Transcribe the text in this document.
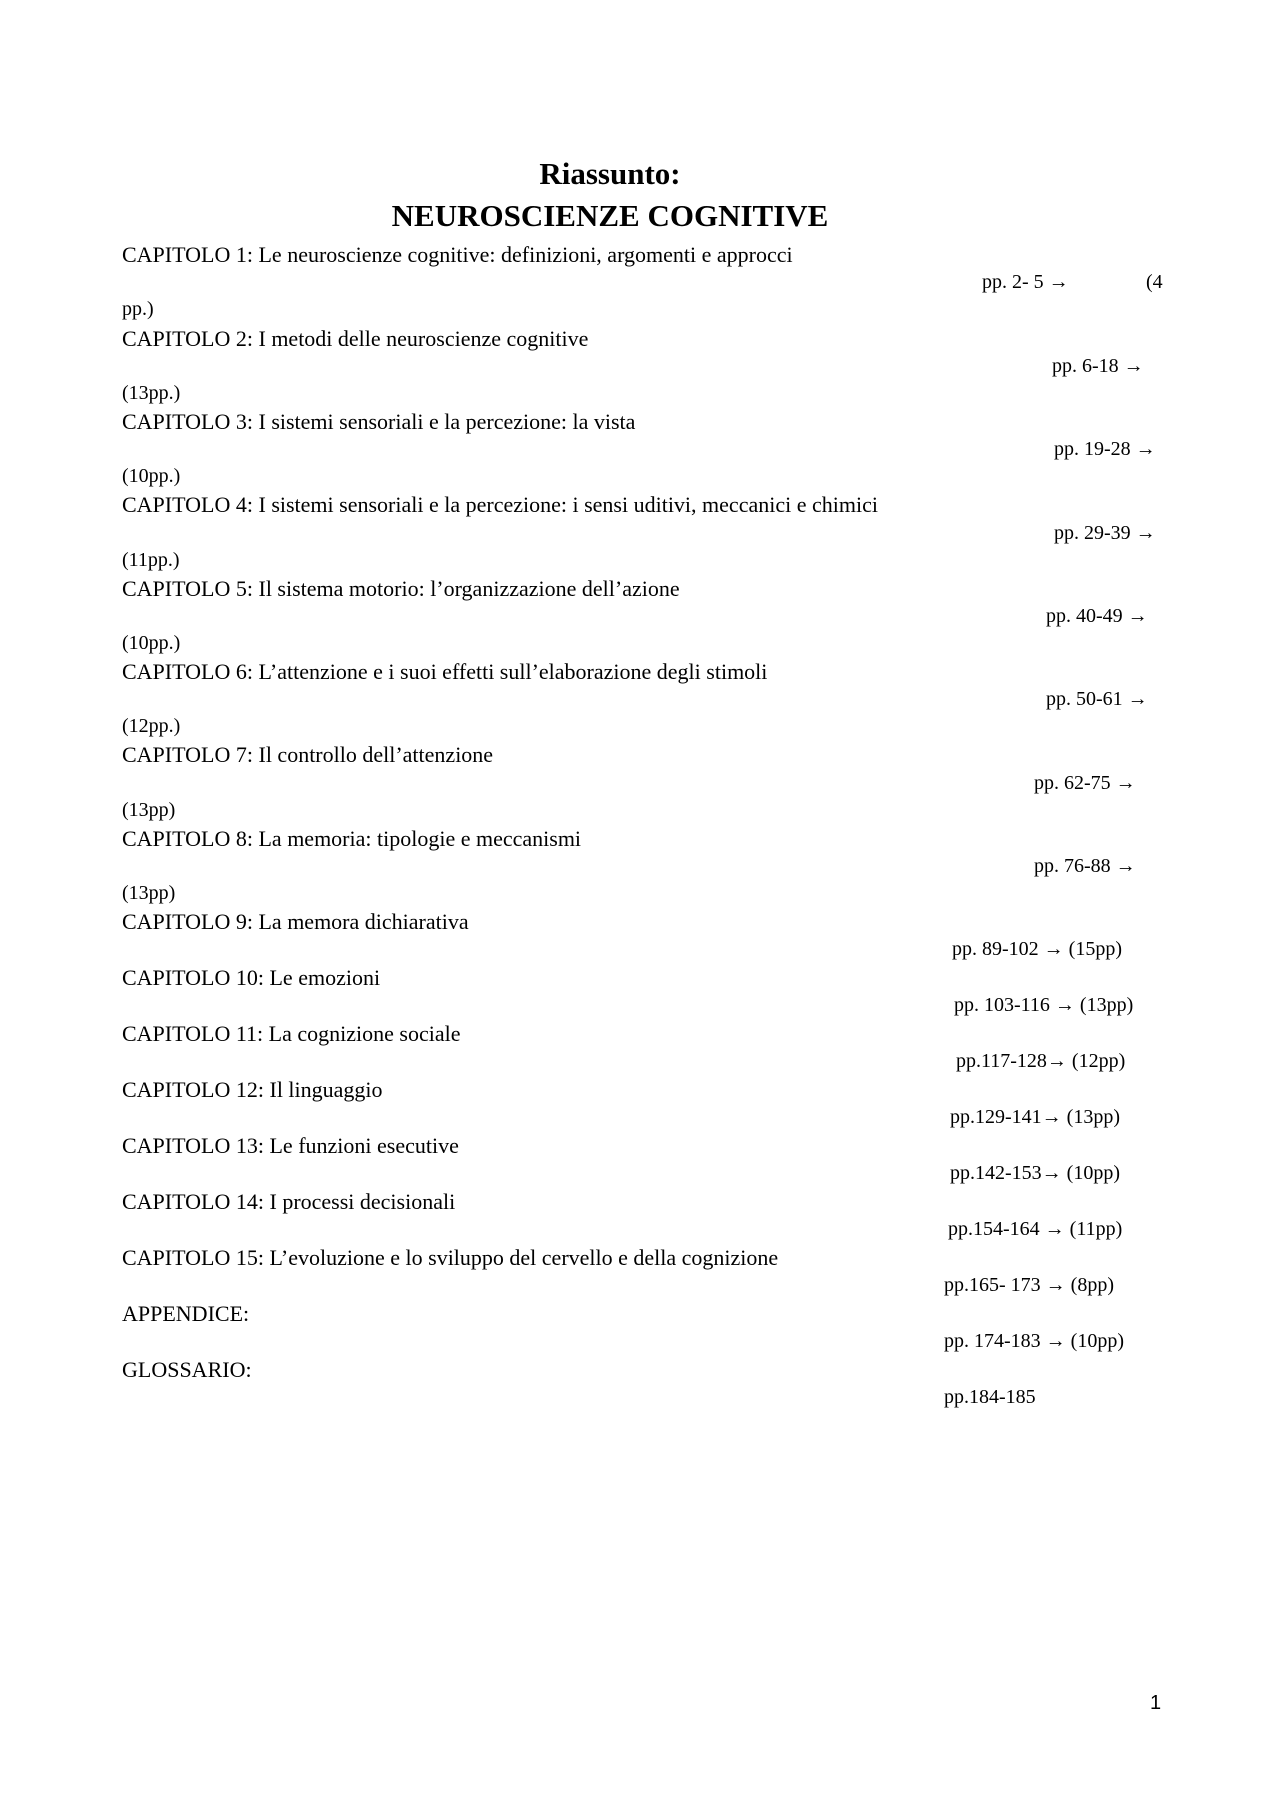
Riassunto:
NEUROSCIENZE COGNITIVE
CAPITOLO 1: Le neuroscienze cognitive: definizioni, argomenti e approcci
pp. 2- 5 →	(4
pp.)
CAPITOLO 2: I metodi delle neuroscienze cognitive
pp. 6-18 →
(13pp.)
CAPITOLO 3: I sistemi sensoriali e la percezione: la vista
pp. 19-28 →
(10pp.)
CAPITOLO 4: I sistemi sensoriali e la percezione: i sensi uditivi, meccanici e chimici
pp. 29-39 →
(11pp.)
CAPITOLO 5: Il sistema motorio: l’organizzazione dell’azione
pp. 40-49 →
(10pp.)
CAPITOLO 6: L’attenzione e i suoi effetti sull’elaborazione degli stimoli
pp. 50-61 →
(12pp.)
CAPITOLO 7: Il controllo dell’attenzione
pp. 62-75 →
(13pp)
CAPITOLO 8: La memoria: tipologie e meccanismi
pp. 76-88 →
(13pp)
CAPITOLO 9: La memora dichiarativa
pp. 89-102 → (15pp)
CAPITOLO 10: Le emozioni
pp. 103-116 → (13pp)
CAPITOLO 11: La cognizione sociale
pp.117-128→ (12pp)
CAPITOLO 12: Il linguaggio
pp.129-141→ (13pp)
CAPITOLO 13: Le funzioni esecutive
pp.142-153→ (10pp)
CAPITOLO 14: I processi decisionali
pp.154-164 → (11pp)
CAPITOLO 15: L’evoluzione e lo sviluppo del cervello e della cognizione
pp.165- 173 → (8pp)
APPENDICE:
pp. 174-183 → (10pp)
GLOSSARIO:
pp.184-185
1
